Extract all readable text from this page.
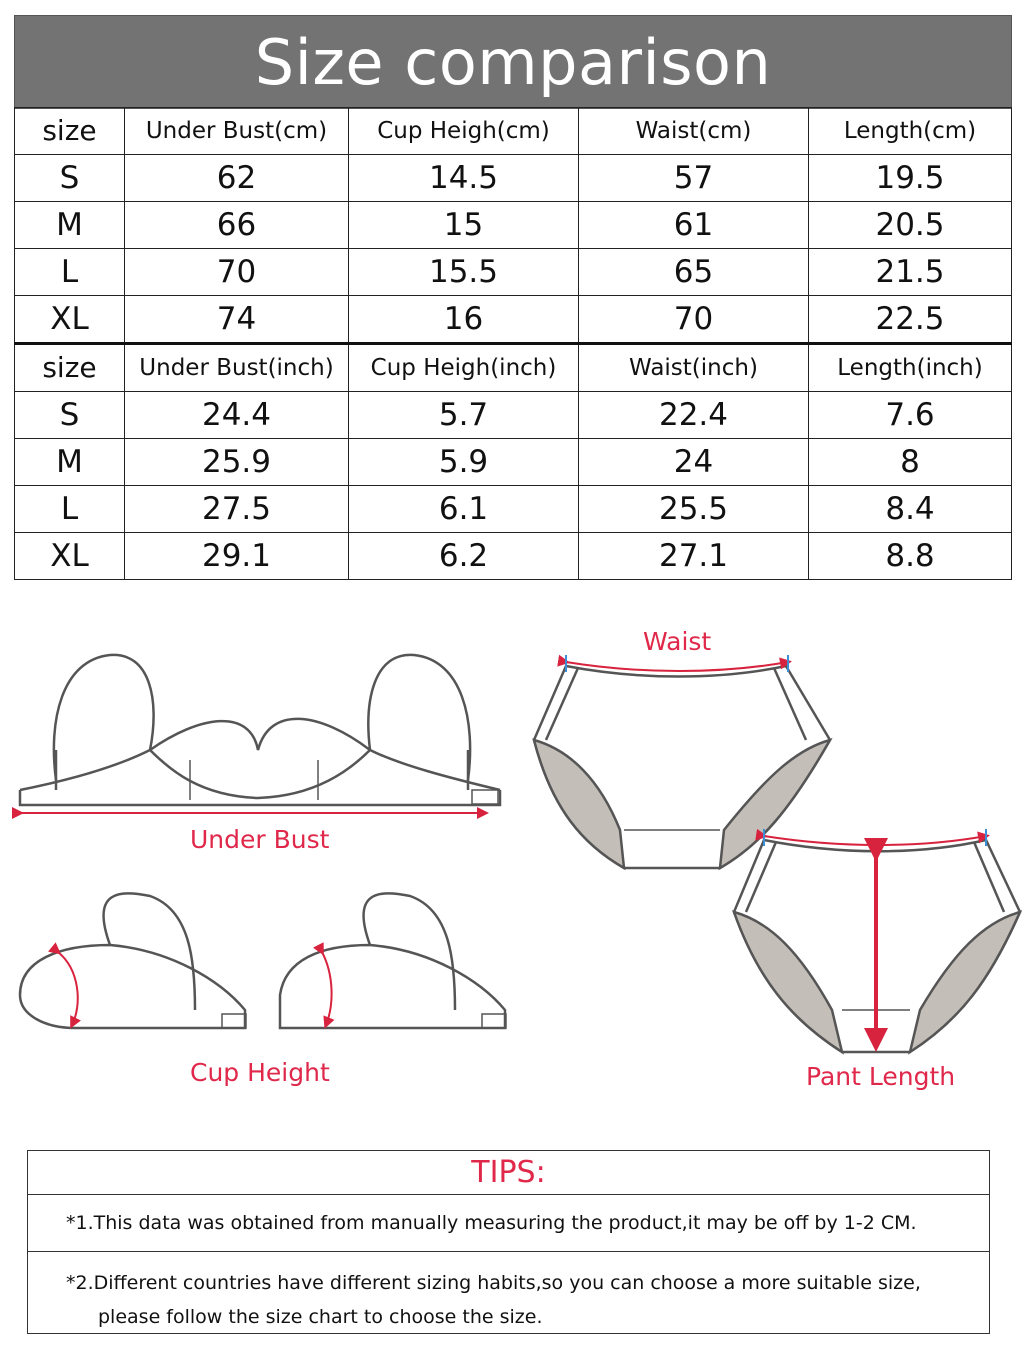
Size comparison
size	Under Bust(cm)	Cup Heigh(cm)	Waist(cm)	Length(cm)
S	62	14.5	57	19.5
M	66	15	61	20.5
L	70	15.5	65	21.5
XL	74	16	70	22.5
size	Under Bust(inch)	Cup Heigh(inch)	Waist(inch)	Length(inch)
S	24.4	5.7	22.4	7.6
M	25.9	5.9	24	8
L	27.5	6.1	25.5	8.4
XL	29.1	6.2	27.1	8.8
Under Bust
Cup Height
Waist
Pant Length
TIPS:
*1.This data was obtained from manually measuring the product,it may be off by 1-2 CM.
*2.Different countries have different sizing habits,so you can choose a more suitable size,
please follow the size chart to choose the size.
